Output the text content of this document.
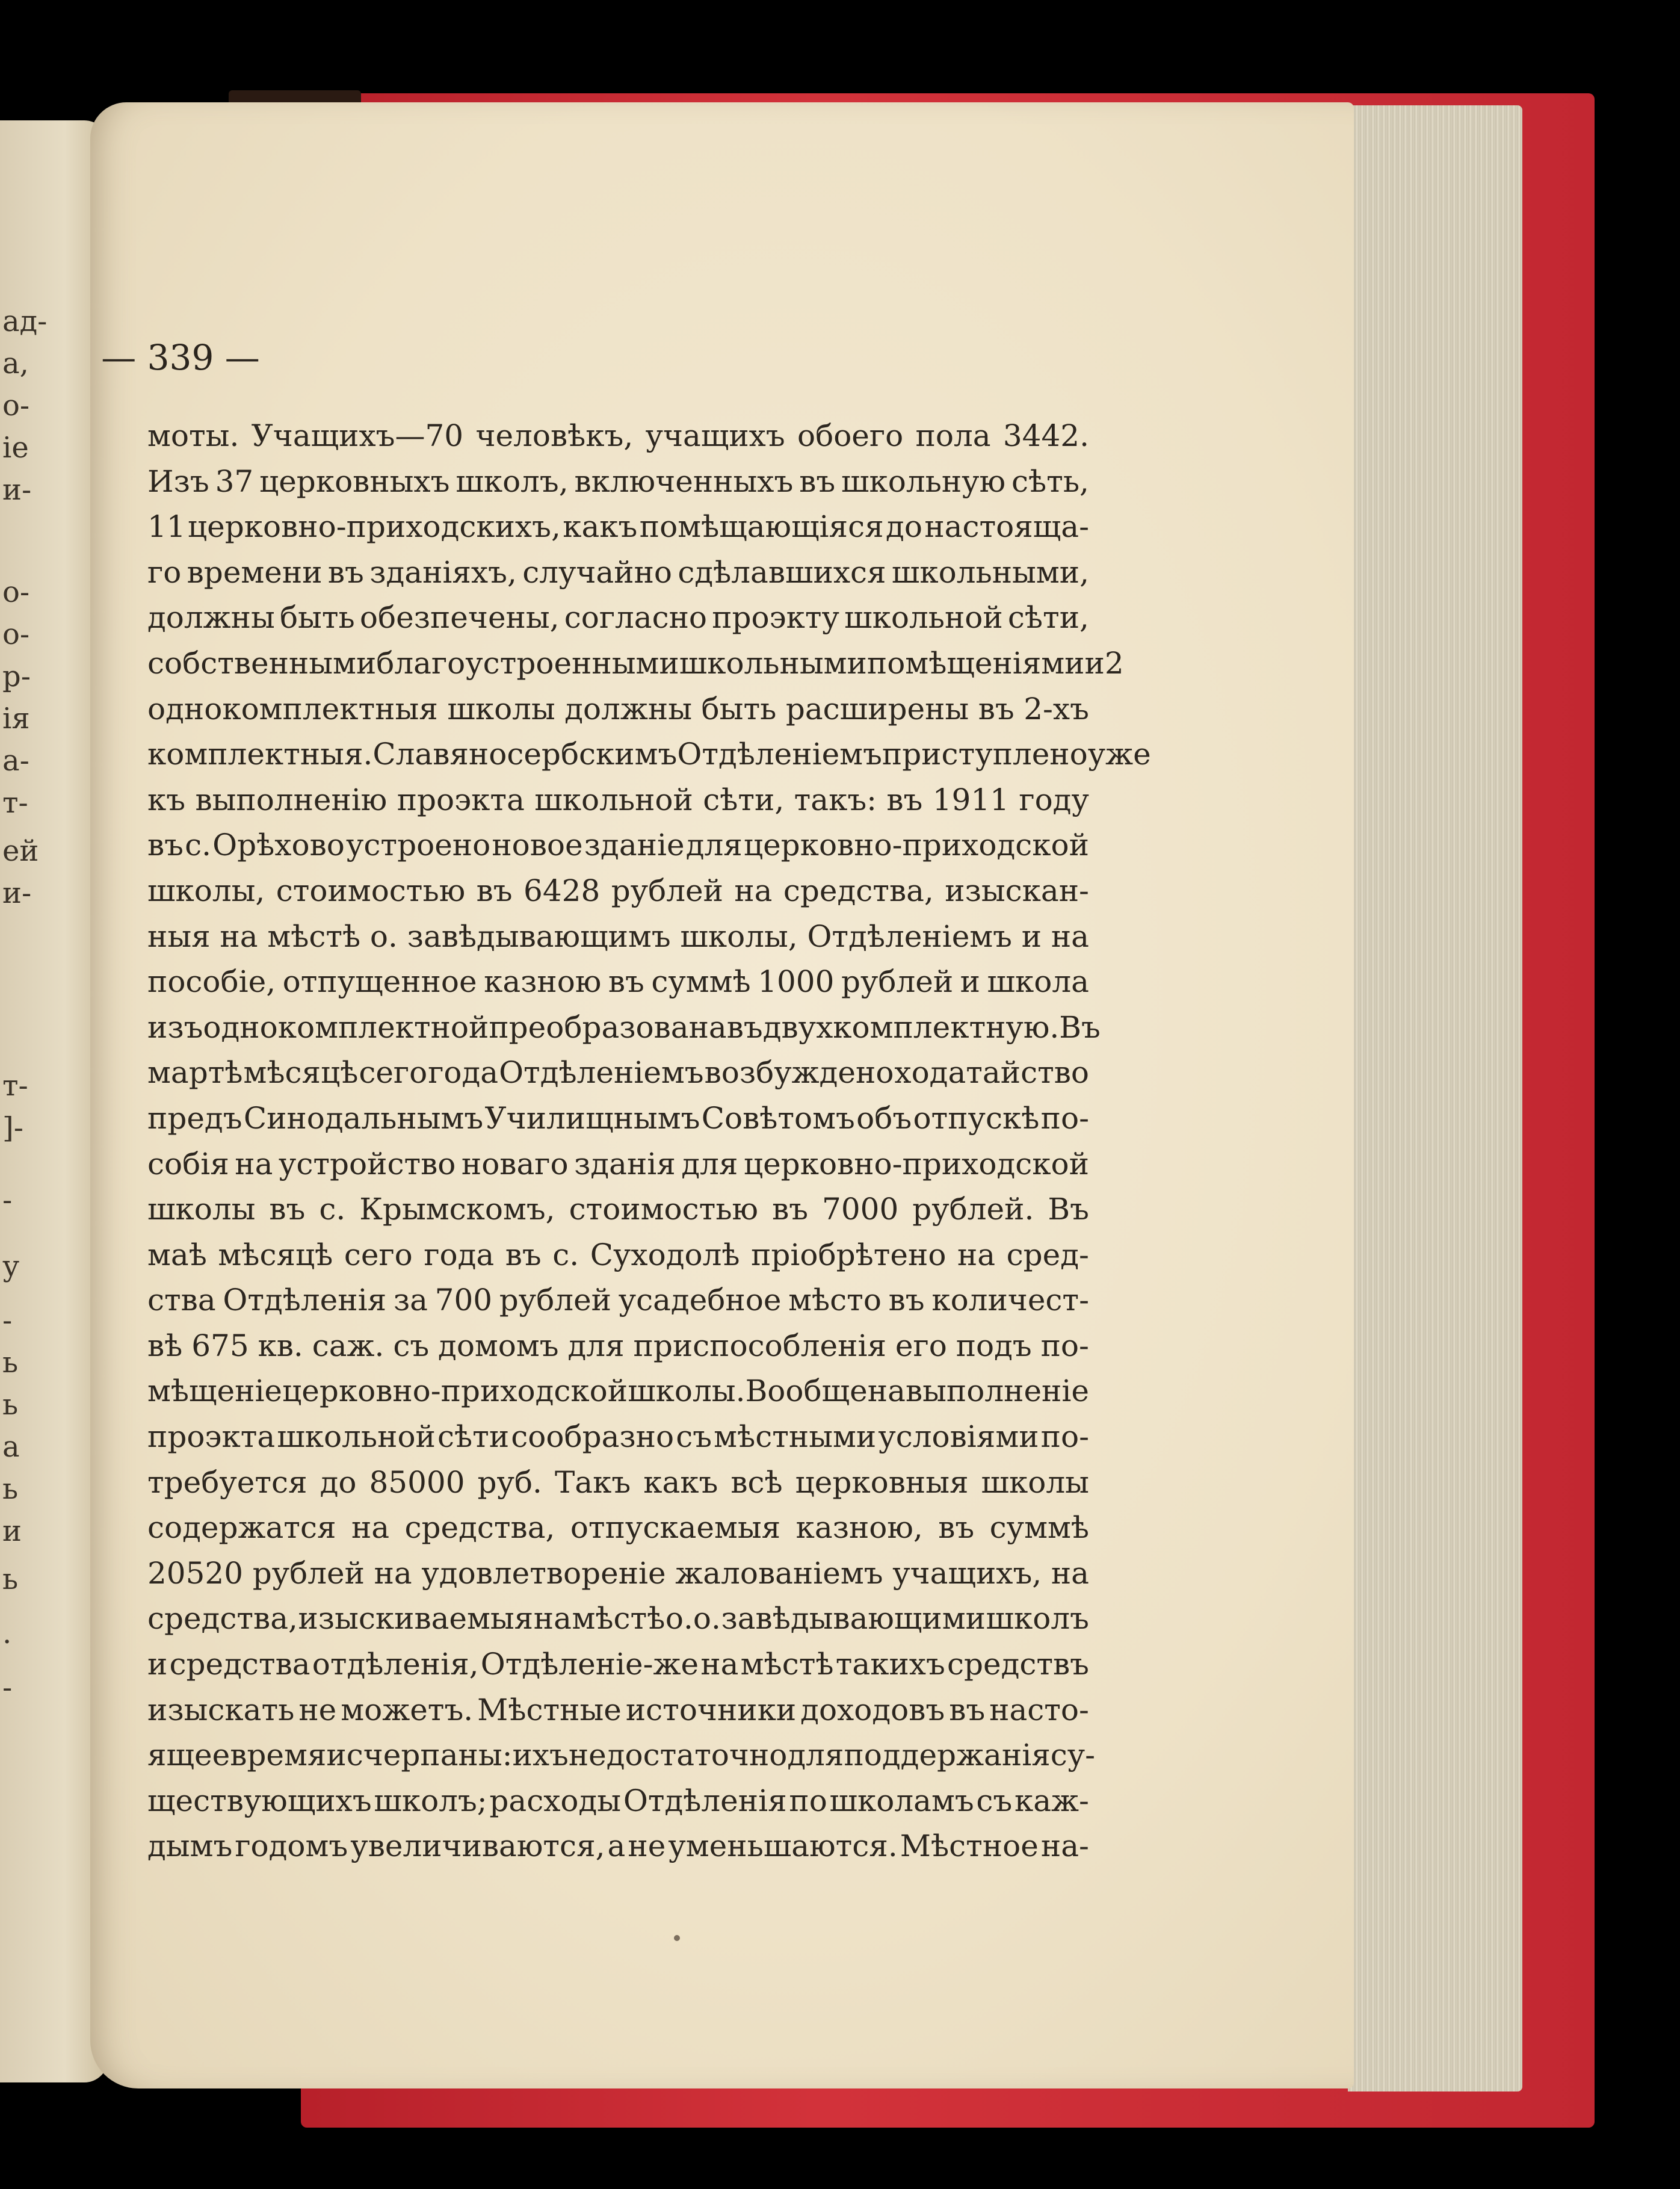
ад-
а,
о-
іе
и-
о-
о-
р-
ія
а-
т-
ей
и-
т-
]-
-
у
-
ь
ь
а
ь
и
ь
.
-
— 339 —
моты. Учащихъ—70 человѣкъ, учащихъ обоего пола 3442.
Изъ 37 церковныхъ школъ, включенныхъ въ школьную сѣть,
11 церковно-приходскихъ, какъ помѣщающіяся до настояща-
го времени въ зданіяхъ, случайно сдѣлавшихся школьными,
должны быть обезпечены, согласно проэкту школьной сѣти,
собственными благоустроенными школьными помѣщеніями и 2
однокомплектныя школы должны быть расширены въ 2-хъ
комплектныя. Славяносербскимъ Отдѣленіемъ приступлено уже
къ выполненію проэкта школьной сѣти, такъ: въ 1911 году
въ с. Орѣхово устроено новое зданіе для церковно-приходской
школы, стоимостью въ 6428 рублей на средства, изыскан-
ныя на мѣстѣ о. завѣдывающимъ школы, Отдѣленіемъ и на
пособіе, отпущенное казною въ суммѣ 1000 рублей и школа
изъ однокомплектной преобразована въ двухкомплектную. Въ
мартѣ мѣсяцѣ сего года Отдѣленіемъ возбуждено ходатайство
предъ Синодальнымъ Училищнымъ Совѣтомъ объ отпускѣ по-
собія на устройство новаго зданія для церковно-приходской
школы въ с. Крымскомъ, стоимостью въ 7000 рублей. Въ
маѣ мѣсяцѣ сего года въ с. Суходолѣ пріобрѣтено на сред-
ства Отдѣленія за 700 рублей усадебное мѣсто въ количест-
вѣ 675 кв. саж. съ домомъ для приспособленія его подъ по-
мѣщеніе церковно-приходской школы. Вообще на выполненіе
проэкта школьной сѣти сообразно съ мѣстными условіями по-
требуется до 85000 руб. Такъ какъ всѣ церковныя школы
содержатся на средства, отпускаемыя казною, въ суммѣ
20520 рублей на удовлетвореніе жалованіемъ учащихъ, на
средства, изыскиваемыя на мѣстѣ о.о. завѣдывающими школъ
и средства отдѣленія, Отдѣленіе-же на мѣстѣ такихъ средствъ
изыскать не можетъ. Мѣстные источники доходовъ въ насто-
ящее время исчерпаны: ихъ недостаточно для поддержанія су-
ществующихъ школъ; расходы Отдѣленія по школамъ съ каж-
дымъ годомъ увеличиваются, а не уменьшаются. Мѣстное на-
